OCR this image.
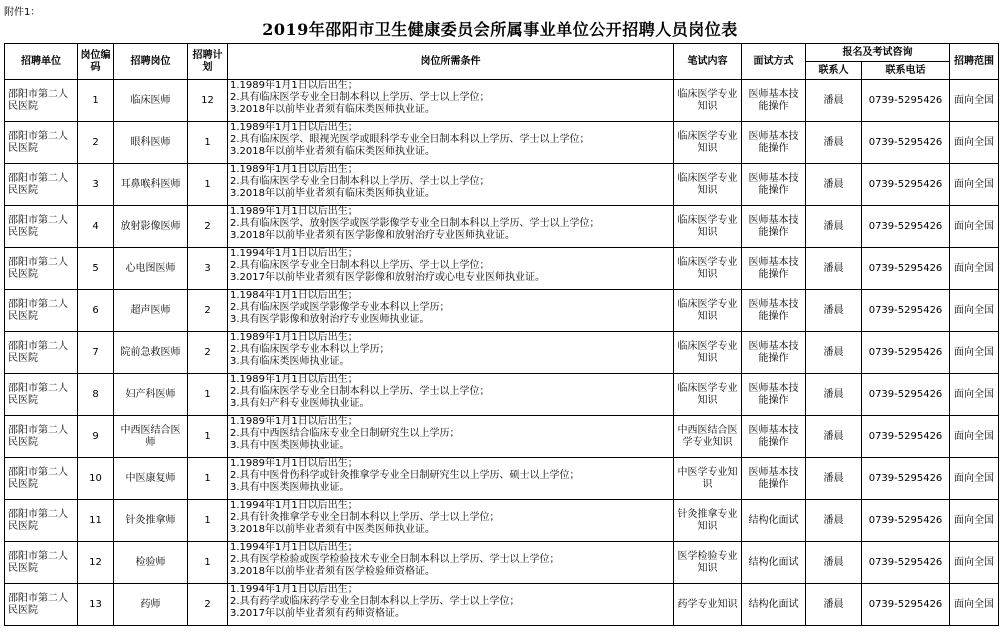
附件1：
2019年邵阳市卫生健康委员会所属事业单位公开招聘人员岗位表
招聘单位	岗位编码	招聘岗位	招聘计划	岗位所需条件	笔试内容	面试方式	报名及考试咨询		招聘范围
							联系人	联系电话	
邵阳市第二人民医院	1	临床医师	12	1.1989年1月1日以后出生；
2.具有临床医学专业全日制本科以上学历、学士以上学位；
3.2018年以前毕业者须有临床类医师执业证。	临床医学专业知识	医师基本技能操作	潘晨	0739-5295426	面向全国
邵阳市第二人民医院	2	眼科医师	1	1.1989年1月1日以后出生；
2.具有临床医学、眼视光医学或眼科学专业全日制本科以上学历、学士以上学位；
3.2018年以前毕业者须有临床类医师执业证。	临床医学专业知识	医师基本技能操作	潘晨	0739-5295426	面向全国
邵阳市第二人民医院	3	耳鼻喉科医师	1	1.1989年1月1日以后出生；
2.具有临床医学专业全日制本科以上学历、学士以上学位；
3.2018年以前毕业者须有临床类医师执业证。	临床医学专业知识	医师基本技能操作	潘晨	0739-5295426	面向全国
邵阳市第二人民医院	4	放射影像医师	2	1.1989年1月1日以后出生；
2.具有临床医学、放射医学或医学影像学专业全日制本科以上学历、学士以上学位；
3.2018年以前毕业者须有医学影像和放射治疗专业医师执业证。	临床医学专业知识	医师基本技能操作	潘晨	0739-5295426	面向全国
邵阳市第二人民医院	5	心电图医师	3	1.1994年1月1日以后出生；
2.具有临床医学专业全日制本科以上学历、学士以上学位；
3.2017年以前毕业者须有医学影像和放射治疗或心电专业医师执业证。	临床医学专业知识	医师基本技能操作	潘晨	0739-5295426	面向全国
邵阳市第二人民医院	6	超声医师	2	1.1984年1月1日以后出生；
2.具有临床医学或医学影像学专业本科以上学历；
3.具有医学影像和放射治疗专业医师执业证。	临床医学专业知识	医师基本技能操作	潘晨	0739-5295426	面向全国
邵阳市第二人民医院	7	院前急救医师	2	1.1989年1月1日以后出生；
2.具有临床医学专业本科以上学历；
3.具有临床类医师执业证。	临床医学专业知识	医师基本技能操作	潘晨	0739-5295426	面向全国
邵阳市第二人民医院	8	妇产科医师	1	1.1989年1月1日以后出生；
2.具有临床医学专业全日制本科以上学历、学士以上学位；
3.具有妇产科专业医师执业证。	临床医学专业知识	医师基本技能操作	潘晨	0739-5295426	面向全国
邵阳市第二人民医院	9	中西医结合医师	1	1.1989年1月1日以后出生；
2.具有中西医结合临床专业全日制研究生以上学历；
3.具有中医类医师执业证。	中西医结合医学专业知识	医师基本技能操作	潘晨	0739-5295426	面向全国
邵阳市第二人民医院	10	中医康复师	1	1.1989年1月1日以后出生；
2.具有中医骨伤科学或针灸推拿学专业全日制研究生以上学历、硕士以上学位；
3.具有中医类医师执业证。	中医学专业知识	医师基本技能操作	潘晨	0739-5295426	面向全国
邵阳市第二人民医院	11	针灸推拿师	1	1.1994年1月1日以后出生；
2.具有针灸推拿学专业全日制本科以上学历、学士以上学位；
3.2018年以前毕业者须有中医类医师执业证。	针灸推拿专业知识	结构化面试	潘晨	0739-5295426	面向全国
邵阳市第二人民医院	12	检验师	1	1.1994年1月1日以后出生；
2.具有医学检验或医学检验技术专业全日制本科以上学历、学士以上学位；
3.2018年以前毕业者须有医学检验师资格证。	医学检验专业知识	结构化面试	潘晨	0739-5295426	面向全国
邵阳市第二人民医院	13	药师	2	1.1994年1月1日以后出生；
2.具有药学或临床药学专业全日制本科以上学历、学士以上学位；
3.2017年以前毕业者须有药师资格证。	药学专业知识	结构化面试	潘晨	0739-5295426	面向全国
